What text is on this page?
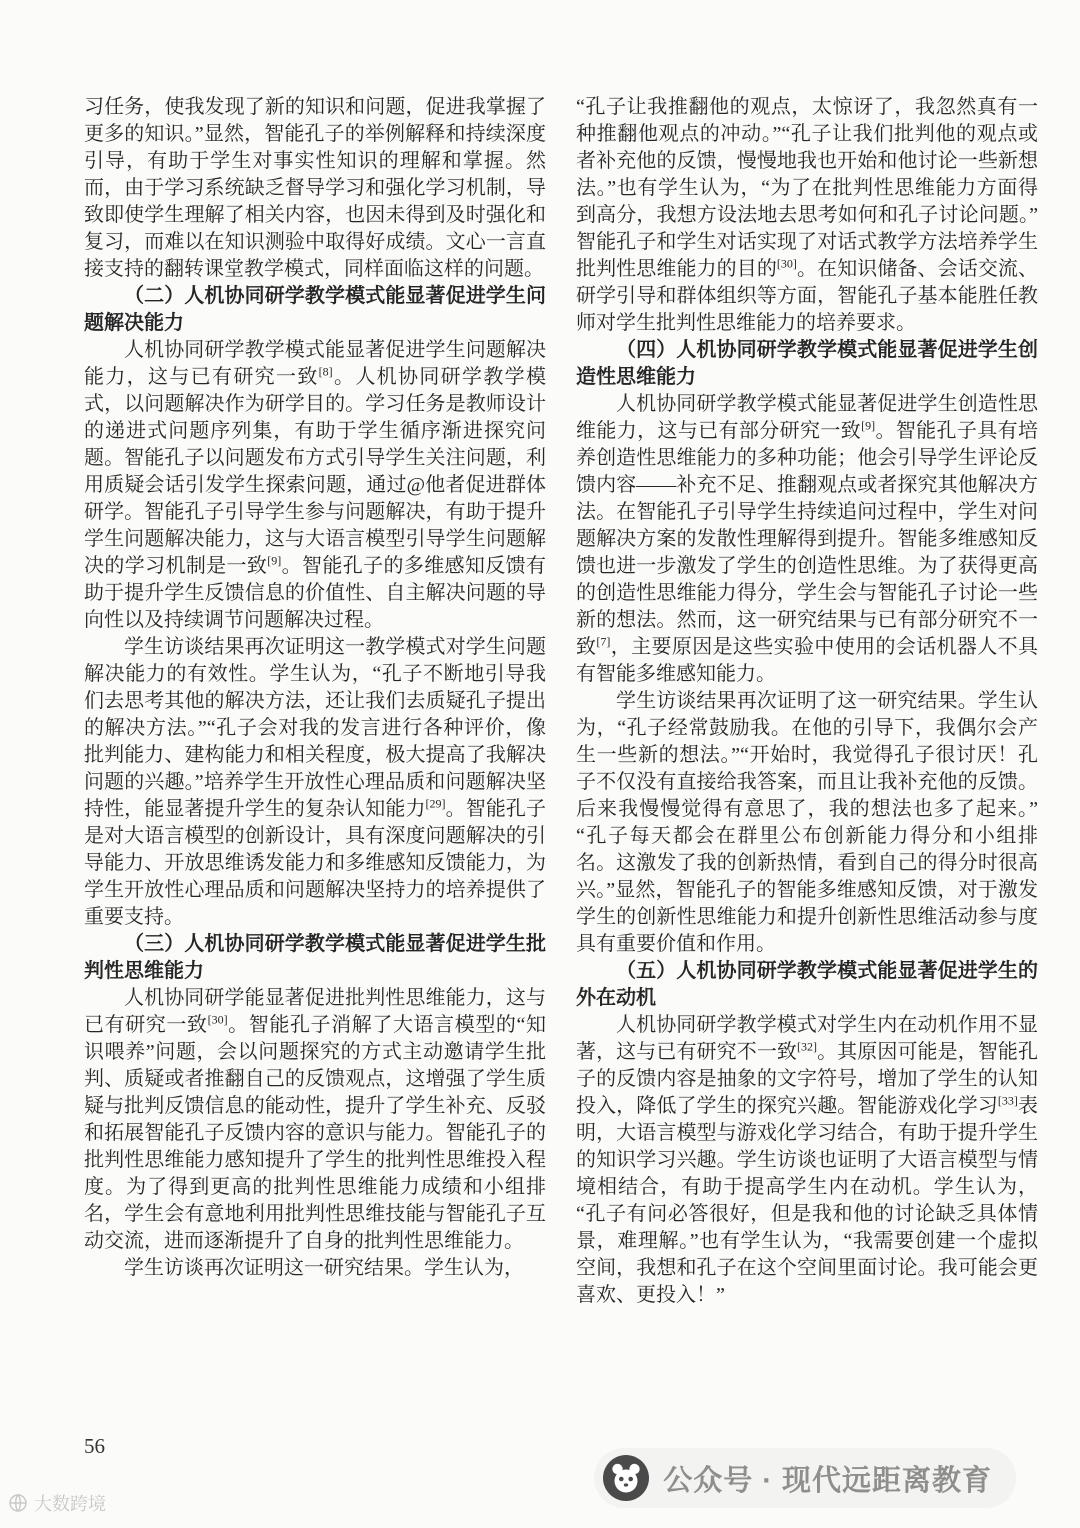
习任务，使我发现了新的知识和问题，促进我掌握了更多的知识。”显然，智能孔子的举例解释和持续深度引导，有助于学生对事实性知识的理解和掌握。然而，由于学习系统缺乏督导学习和强化学习机制，导致即使学生理解了相关内容，也因未得到及时强化和复习，而难以在知识测验中取得好成绩。文心一言直接支持的翻转课堂教学模式，同样面临这样的问题。

（二）人机协同研学教学模式能显著促进学生问题解决能力

人机协同研学教学模式能显著促进学生问题解决能力，这与已有研究一致[8]。人机协同研学教学模式，以问题解决作为研学目的。学习任务是教师设计的递进式问题序列集，有助于学生循序渐进探究问题。智能孔子以问题发布方式引导学生关注问题，利用质疑会话引发学生探索问题，通过@他者促进群体研学。智能孔子引导学生参与问题解决，有助于提升学生问题解决能力，这与大语言模型引导学生问题解决的学习机制是一致[9]。智能孔子的多维感知反馈有助于提升学生反馈信息的价值性、自主解决问题的导向性以及持续调节问题解决过程。

学生访谈结果再次证明这一教学模式对学生问题解决能力的有效性。学生认为，“孔子不断地引导我们去思考其他的解决方法，还让我们去质疑孔子提出的解决方法。”“孔子会对我的发言进行各种评价，像批判能力、建构能力和相关程度，极大提高了我解决问题的兴趣。”培养学生开放性心理品质和问题解决坚持性，能显著提升学生的复杂认知能力[29]。智能孔子是对大语言模型的创新设计，具有深度问题解决的引导能力、开放思维诱发能力和多维感知反馈能力，为学生开放性心理品质和问题解决坚持力的培养提供了重要支持。

（三）人机协同研学教学模式能显著促进学生批判性思维能力

人机协同研学能显著促进批判性思维能力，这与已有研究一致[30]。智能孔子消解了大语言模型的“知识喂养”问题，会以问题探究的方式主动邀请学生批判、质疑或者推翻自己的反馈观点，这增强了学生质疑与批判反馈信息的能动性，提升了学生补充、反驳和拓展智能孔子反馈内容的意识与能力。智能孔子的批判性思维能力感知提升了学生的批判性思维投入程度。为了得到更高的批判性思维能力成绩和小组排名，学生会有意地利用批判性思维技能与智能孔子互动交流，进而逐渐提升了自身的批判性思维能力。

学生访谈再次证明这一研究结果。学生认为，

“孔子让我推翻他的观点，太惊讶了，我忽然真有一种推翻他观点的冲动。”“孔子让我们批判他的观点或者补充他的反馈，慢慢地我也开始和他讨论一些新想法。”也有学生认为，“为了在批判性思维能力方面得到高分，我想方设法地去思考如何和孔子讨论问题。”智能孔子和学生对话实现了对话式教学方法培养学生批判性思维能力的目的[30]。在知识储备、会话交流、研学引导和群体组织等方面，智能孔子基本能胜任教师对学生批判性思维能力的培养要求。

（四）人机协同研学教学模式能显著促进学生创造性思维能力

人机协同研学教学模式能显著促进学生创造性思维能力，这与已有部分研究一致[9]。智能孔子具有培养创造性思维能力的多种功能；他会引导学生评论反馈内容——补充不足、推翻观点或者探究其他解决方法。在智能孔子引导学生持续追问过程中，学生对问题解决方案的发散性理解得到提升。智能多维感知反馈也进一步激发了学生的创造性思维。为了获得更高的创造性思维能力得分，学生会与智能孔子讨论一些新的想法。然而，这一研究结果与已有部分研究不一致[7]，主要原因是这些实验中使用的会话机器人不具有智能多维感知能力。

学生访谈结果再次证明了这一研究结果。学生认为，“孔子经常鼓励我。在他的引导下，我偶尔会产生一些新的想法。”“开始时，我觉得孔子很讨厌！孔子不仅没有直接给我答案，而且让我补充他的反馈。后来我慢慢觉得有意思了，我的想法也多了起来。”“孔子每天都会在群里公布创新能力得分和小组排名。这激发了我的创新热情，看到自己的得分时很高兴。”显然，智能孔子的智能多维感知反馈，对于激发学生的创新性思维能力和提升创新性思维活动参与度具有重要价值和作用。

（五）人机协同研学教学模式能显著促进学生的外在动机

人机协同研学教学模式对学生内在动机作用不显著，这与已有研究不一致[32]。其原因可能是，智能孔子的反馈内容是抽象的文字符号，增加了学生的认知投入，降低了学生的探究兴趣。智能游戏化学习[33]表明，大语言模型与游戏化学习结合，有助于提升学生的知识学习兴趣。学生访谈也证明了大语言模型与情境相结合，有助于提高学生内在动机。学生认为，“孔子有问必答很好，但是我和他的讨论缺乏具体情景，难理解。”也有学生认为，“我需要创建一个虚拟空间，我想和孔子在这个空间里面讨论。我可能会更喜欢、更投入！”

56
大数跨境
公众号 · 现代远距离教育
